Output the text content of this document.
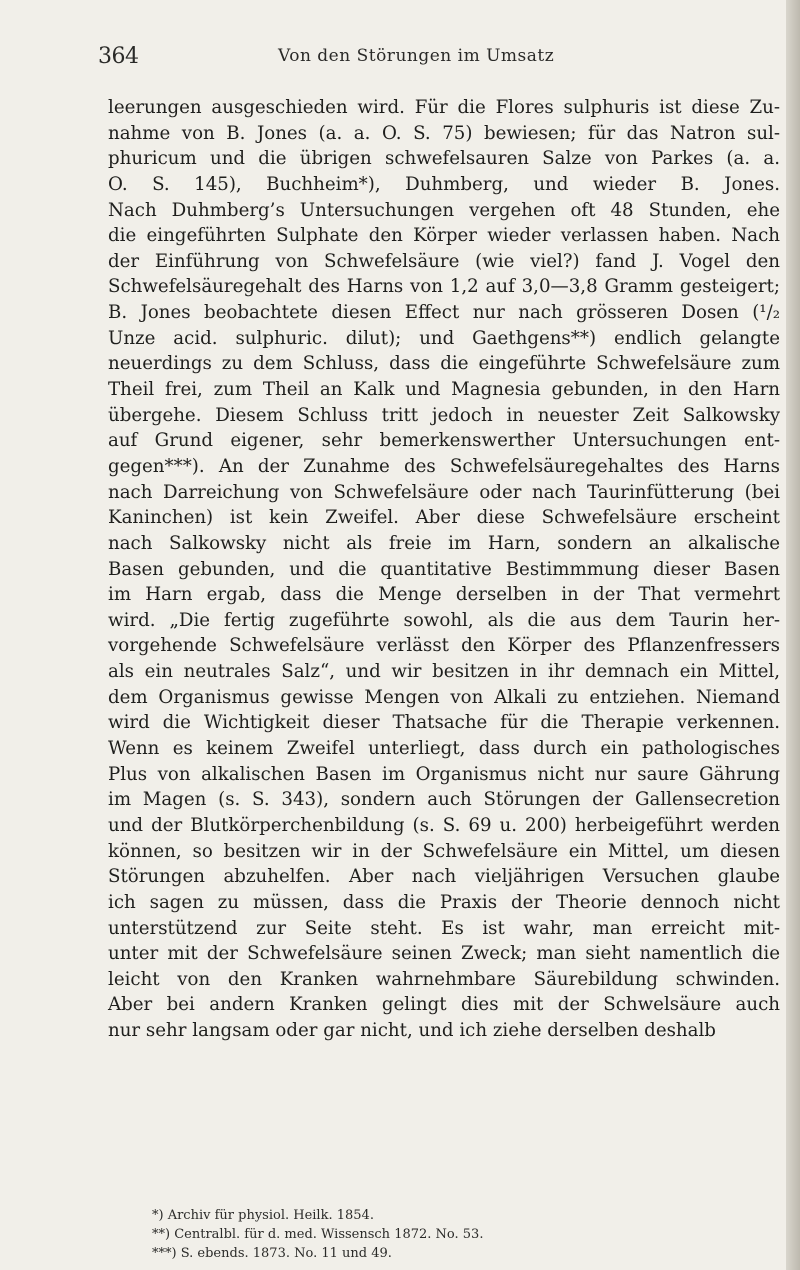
364	Von den Störungen im Umsatz
leerungen ausgeschieden wird. Für die Flores sulphuris ist diese Zu-
nahme von B. Jones (a. a. O. S. 75) bewiesen; für das Natron sul-
phuricum und die übrigen schwefelsauren Salze von Parkes (a. a.
O. S. 145), Buchheim*), Duhmberg, und wieder B. Jones.
Nach Duhmberg’s Untersuchungen vergehen oft 48 Stunden, ehe
die eingeführten Sulphate den Körper wieder verlassen haben. Nach
der Einführung von Schwefelsäure (wie viel?) fand J. Vogel den
Schwefelsäuregehalt des Harns von 1,2 auf 3,0—3,8 Gramm gesteigert;
B. Jones beobachtete diesen Effect nur nach grösseren Dosen (¹/₂
Unze acid. sulphuric. dilut); und Gaethgens**) endlich gelangte
neuerdings zu dem Schluss, dass die eingeführte Schwefelsäure zum
Theil frei, zum Theil an Kalk und Magnesia gebunden, in den Harn
übergehe. Diesem Schluss tritt jedoch in neuester Zeit Salkowsky
auf Grund eigener, sehr bemerkenswerther Untersuchungen ent-
gegen***). An der Zunahme des Schwefelsäuregehaltes des Harns
nach Darreichung von Schwefelsäure oder nach Taurinfütterung (bei
Kaninchen) ist kein Zweifel. Aber diese Schwefelsäure erscheint
nach Salkowsky nicht als freie im Harn, sondern an alkalische
Basen gebunden, und die quantitative Bestimmmung dieser Basen
im Harn ergab, dass die Menge derselben in der That vermehrt
wird. „Die fertig zugeführte sowohl, als die aus dem Taurin her-
vorgehende Schwefelsäure verlässt den Körper des Pflanzenfressers
als ein neutrales Salz“, und wir besitzen in ihr demnach ein Mittel,
dem Organismus gewisse Mengen von Alkali zu entziehen. Niemand
wird die Wichtigkeit dieser Thatsache für die Therapie verkennen.
Wenn es keinem Zweifel unterliegt, dass durch ein pathologisches
Plus von alkalischen Basen im Organismus nicht nur saure Gährung
im Magen (s. S. 343), sondern auch Störungen der Gallensecretion
und der Blutkörperchenbildung (s. S. 69 u. 200) herbeigeführt werden
können, so besitzen wir in der Schwefelsäure ein Mittel, um diesen
Störungen abzuhelfen. Aber nach vieljährigen Versuchen glaube
ich sagen zu müssen, dass die Praxis der Theorie dennoch nicht
unterstützend zur Seite steht. Es ist wahr, man erreicht mit-
unter mit der Schwefelsäure seinen Zweck; man sieht namentlich die
leicht von den Kranken wahrnehmbare Säurebildung schwinden.
Aber bei andern Kranken gelingt dies mit der Schwelsäure auch
nur sehr langsam oder gar nicht, und ich ziehe derselben deshalb
*) Archiv für physiol. Heilk. 1854.
**) Centralbl. für d. med. Wissensch 1872. No. 53.
***) S. ebends. 1873. No. 11 und 49.
